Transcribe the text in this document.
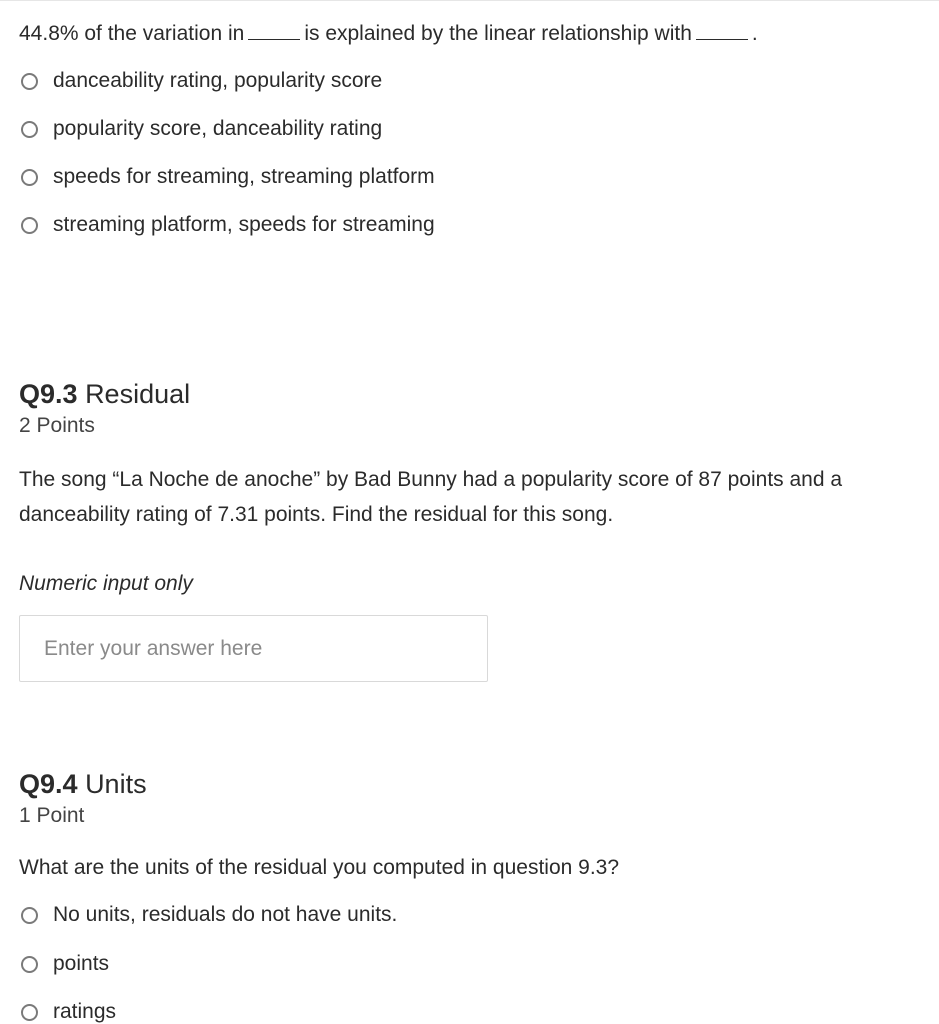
44.8% of the variation in	is explained by the linear relationship with	.
danceability rating, popularity score
popularity score, danceability rating
speeds for streaming, streaming platform
streaming platform, speeds for streaming
Q9.3 Residual
2 Points
The song “La Noche de anoche” by Bad Bunny had a popularity score of 87 points and a danceability rating of 7.31 points. Find the residual for this song.
Numeric input only
Enter your answer here
Q9.4 Units
1 Point
What are the units of the residual you computed in question 9.3?
No units, residuals do not have units.
points
ratings
